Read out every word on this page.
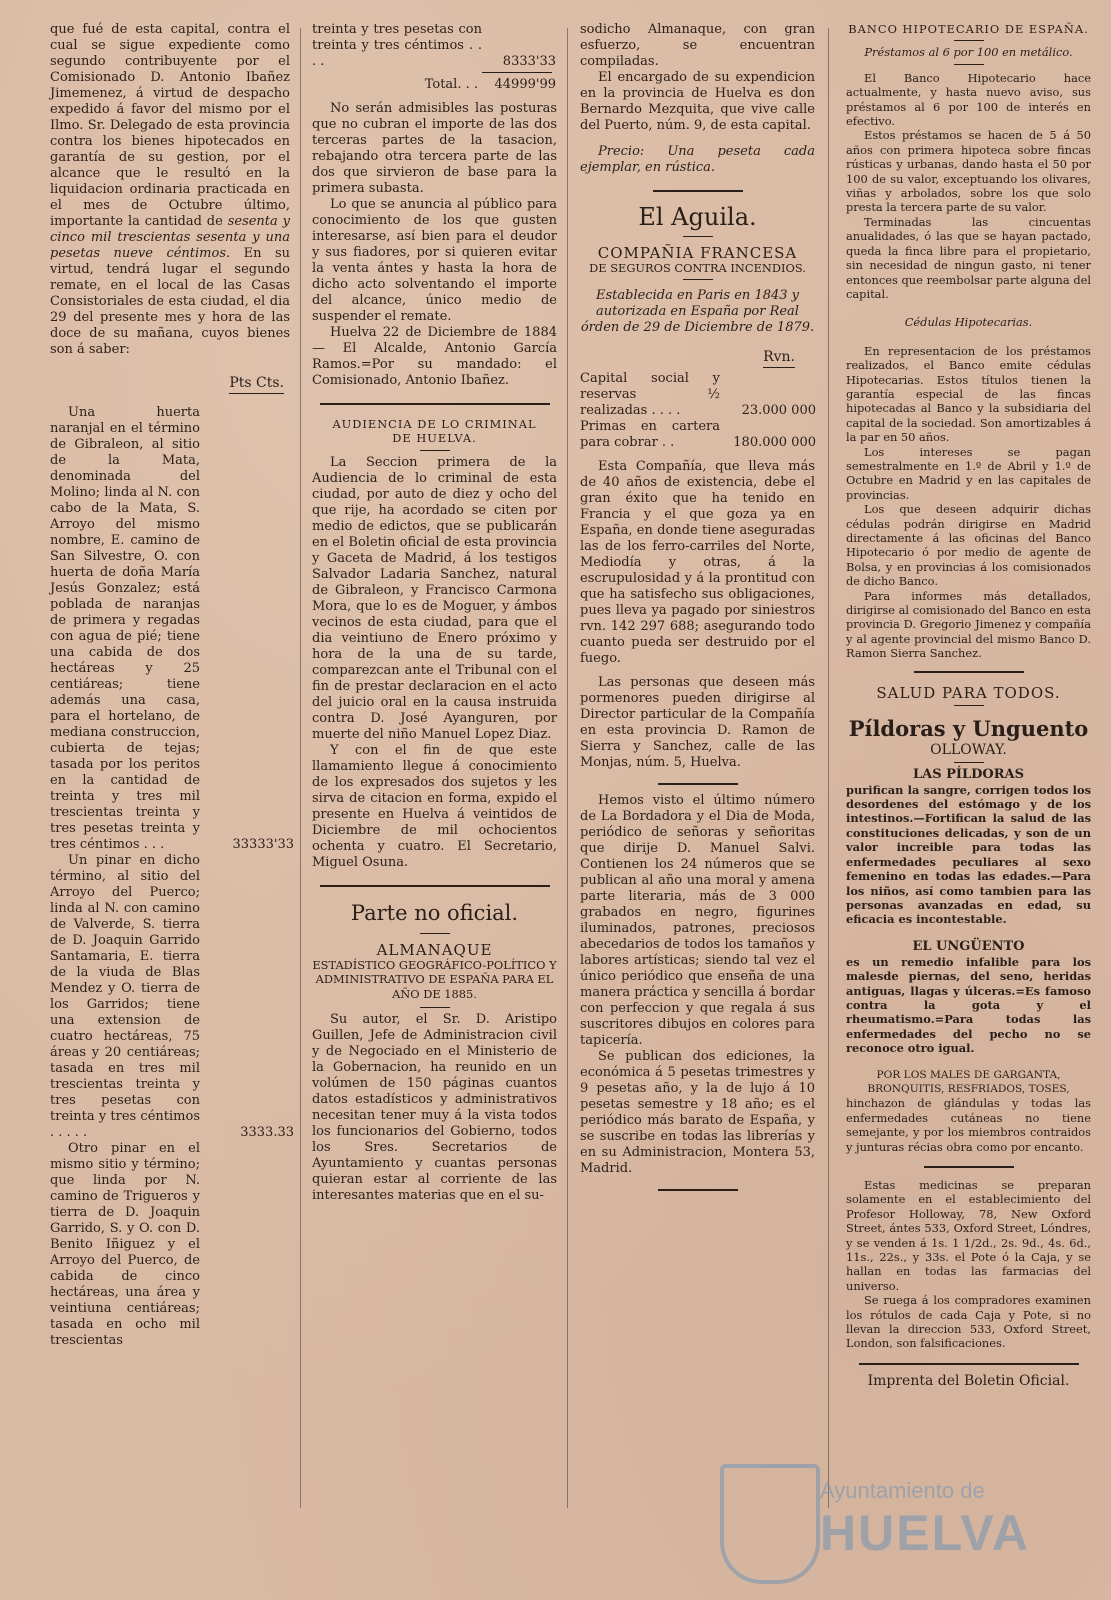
que fué de esta capital, contra el cual se sigue expediente como segundo contribuyente por el Comisionado D. Antonio Ibañez Jimemenez, á virtud de despacho expedido á favor del mismo por el Ilmo. Sr. Delegado de esta provincia contra los bienes hipotecados en garantía de su gestion, por el alcance que le resultó en la liquidacion ordinaria practicada en el mes de Octubre último, importante la cantidad de sesenta y cinco mil trescientas sesenta y una pesetas nueve céntimos. En su virtud, tendrá lugar el segundo remate, en el local de las Casas Consistoriales de esta ciudad, el dia 29 del presente mes y hora de las doce de su mañana, cuyos bienes son á saber:

Pts Cts.

Una huerta naranjal en el término de Gibraleon, al sitio de la Mata, denominada del Molino; linda al N. con cabo de la Mata, S. Arroyo del mismo nombre, E. camino de San Silvestre, O. con huerta de doña María Jesús Gonzalez; está poblada de naranjas de primera y regadas con agua de pié; tiene una cabida de dos hectáreas y 25 centiáreas; tiene además una casa, para el hortelano, de mediana construccion, cubierta de tejas; tasada por los peritos en la cantidad de treinta y tres mil trescientas treinta y tres pesetas treinta y tres céntimos . . .	33333'33

Un pinar en dicho término, al sitio del Arroyo del Puerco; linda al N. con camino de Valverde, S. tierra de D. Joaquin Garrido Santamaria, E. tierra de la viuda de Blas Mendez y O. tierra de los Garridos; tiene una extension de cuatro hectáreas, 75 áreas y 20 centiáreas; tasada en tres mil trescientas treinta y tres pesetas con treinta y tres céntimos . . . . .	3333.33

Otro pinar en el mismo sitio y término; que linda por N. camino de Trigueros y tierra de D. Joaquin Garrido, S. y O. con D. Benito Iñiguez y el Arroyo del Puerco, de cabida de cinco hectáreas, una área y veintiuna centiáreas; tasada en ocho mil trescientas

treinta y tres pesetas con treinta y tres céntimos . . . .	8333'33
Total. . .	44999'99

No serán admisibles las posturas que no cubran el importe de las dos terceras partes de la tasacion, rebajando otra tercera parte de las dos que sirvieron de base para la primera subasta.

Lo que se anuncia al público para conocimiento de los que gusten interesarse, así bien para el deudor y sus fiadores, por si quieren evitar la venta ántes y hasta la hora de dicho acto solventando el importe del alcance, único medio de suspender el remate.

Huelva 22 de Diciembre de 1884 — El Alcalde, Antonio García Ramos.=Por su mandado: el Comisionado, Antonio Ibañez.

AUDIENCIA DE LO CRIMINAL

DE HUELVA.

La Seccion primera de la Audiencia de lo criminal de esta ciudad, por auto de diez y ocho del que rije, ha acordado se citen por medio de edictos, que se publicarán en el Boletin oficial de esta provincia y Gaceta de Madrid, á los testigos Salvador Ladaria Sanchez, natural de Gibraleon, y Francisco Carmona Mora, que lo es de Moguer, y ámbos vecinos de esta ciudad, para que el dia veintiuno de Enero próximo y hora de la una de su tarde, comparezcan ante el Tribunal con el fin de prestar declaracion en el acto del juicio oral en la causa instruida contra D. José Ayanguren, por muerte del niño Manuel Lopez Diaz.

Y con el fin de que este llamamiento llegue á conocimiento de los expresados dos sujetos y les sirva de citacion en forma, expido el presente en Huelva á veintidos de Diciembre de mil ochocientos ochenta y cuatro. El Secretario, Miguel Osuna.

Parte no oficial.

ALMANAQUE

ESTADÍSTICO GEOGRÁFICO-POLÍTICO Y ADMINISTRATIVO DE ESPAÑA PARA EL AÑO DE 1885.

Su autor, el Sr. D. Aristipo Guillen, Jefe de Administracion civil y de Negociado en el Ministerio de la Gobernacion, ha reunido en un volúmen de 150 páginas cuantos datos estadísticos y administrativos necesitan tener muy á la vista todos los funcionarios del Gobierno, todos los Sres. Secretarios de Ayuntamiento y cuantas personas quieran estar al corriente de las interesantes materias que en el su-

sodicho Almanaque, con gran esfuerzo, se encuentran compiladas.

El encargado de su expendicion en la provincia de Huelva es don Bernardo Mezquita, que vive calle del Puerto, núm. 9, de esta capital.

Precio: Una peseta cada ejemplar, en rústica.

El Aguila.

COMPAÑIA FRANCESA

DE SEGUROS CONTRA INCENDIOS.

Establecida en Paris en 1843 y autorizada en España por Real órden de 29 de Diciembre de 1879.

Rvn.

Capital social y reservas ½ realizadas . . . .	23.000 000

Primas en cartera para cobrar . .	180.000 000

Esta Compañía, que lleva más de 40 años de existencia, debe el gran éxito que ha tenido en Francia y el que goza ya en España, en donde tiene aseguradas las de los ferro-carriles del Norte, Mediodía y otras, á la escrupulosidad y á la prontitud con que ha satisfecho sus obligaciones, pues lleva ya pagado por siniestros rvn. 142 297 688; asegurando todo cuanto pueda ser destruido por el fuego.

Las personas que deseen más pormenores pueden dirigirse al Director particular de la Compañía en esta provincia D. Ramon de Sierra y Sanchez, calle de las Monjas, núm. 5, Huelva.

Hemos visto el último número de La Bordadora y el Dia de Moda, periódico de señoras y señoritas que dirije D. Manuel Salvi. Contienen los 24 números que se publican al año una moral y amena parte literaria, más de 3 000 grabados en negro, figurines iluminados, patrones, preciosos abecedarios de todos los tamaños y labores artísticas; siendo tal vez el único periódico que enseña de una manera práctica y sencilla á bordar con perfeccion y que regala á sus suscritores dibujos en colores para tapicería.

Se publican dos ediciones, la económica á 5 pesetas trimestres y 9 pesetas año, y la de lujo á 10 pesetas semestre y 18 año; es el periódico más barato de España, y se suscribe en todas las librerías y en su Administracion, Montera 53, Madrid.

BANCO HIPOTECARIO DE ESPAÑA.

Préstamos al 6 por 100 en metálico.

El Banco Hipotecario hace actualmente, y hasta nuevo aviso, sus préstamos al 6 por 100 de interés en efectivo.

Estos préstamos se hacen de 5 á 50 años con primera hipoteca sobre fincas rústicas y urbanas, dando hasta el 50 por 100 de su valor, exceptuando los olivares, viñas y arbolados, sobre los que solo presta la tercera parte de su valor.

Terminadas las cincuentas anualidades, ó las que se hayan pactado, queda la finca libre para el propietario, sin necesidad de ningun gasto, ni tener entonces que reembolsar parte alguna del capital.

Cédulas Hipotecarias.

En representacion de los préstamos realizados, el Banco emite cédulas Hipotecarias. Estos títulos tienen la garantía especial de las fincas hipotecadas al Banco y la subsidiaria del capital de la sociedad. Son amortizables á la par en 50 años.

Los intereses se pagan semestralmente en 1.º de Abril y 1.º de Octubre en Madrid y en las capitales de provincias.

Los que deseen adquirir dichas cédulas podrán dirigirse en Madrid directamente á las oficinas del Banco Hipotecario ó por medio de agente de Bolsa, y en provincias á los comisionados de dicho Banco.

Para informes más detallados, dirigirse al comisionado del Banco en esta provincia D. Gregorio Jimenez y compañía y al agente provincial del mismo Banco D. Ramon Sierra Sanchez.

SALUD PARA TODOS.

Píldoras y Unguento
OLLOWAY.

LAS PÍLDORAS

purifican la sangre, corrigen todos los desordenes del estómago y de los intestinos.—Fortifican la salud de las constituciones delicadas, y son de un valor increible para todas las enfermedades peculiares al sexo femenino en todas las edades.—Para los niños, así como tambien para las personas avanzadas en edad, su eficacia es incontestable.

EL UNGÜENTO

es un remedio infalible para los malesde piernas, del seno, heridas antiguas, llagas y úlceras.=Es famoso contra la gota y el rheumatismo.=Para todas las enfermedades del pecho no se reconoce otro igual.

POR LOS MALES DE GARGANTA, BRONQUITIS, RESFRIADOS, TOSES,

hinchazon de glándulas y todas las enfermedades cutáneas no tiene semejante, y por los miembros contraidos y junturas récias obra como por encanto.

Estas medicinas se preparan solamente en el establecimiento del Profesor Holloway, 78, New Oxford Street, ántes 533, Oxford Street, Lóndres, y se venden á 1s. 1 1/2d., 2s. 9d., 4s. 6d., 11s., 22s., y 33s. el Pote ó la Caja, y se hallan en todas las farmacias del universo.

Se ruega á los compradores examinen los rótulos de cada Caja y Pote, si no llevan la direccion 533, Oxford Street, London, son falsificaciones.

Imprenta del Boletin Oficial.

Ayuntamiento de
HUELVA
